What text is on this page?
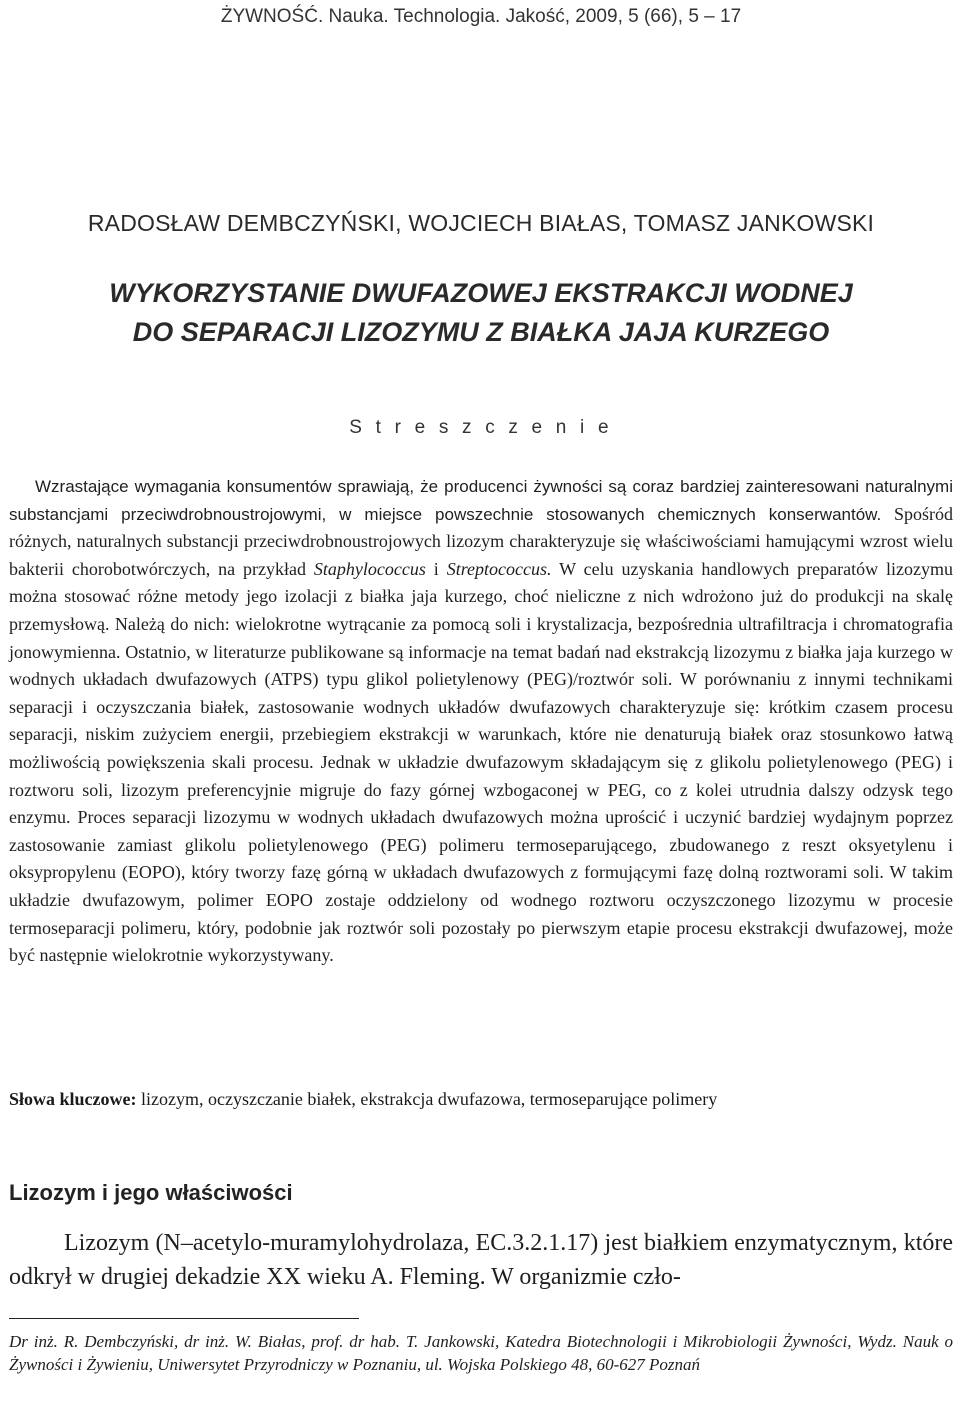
ŻYWNOŚĆ. Nauka. Technologia. Jakość, 2009, 5 (66), 5 – 17
RADOSŁAW DEMBCZYŃSKI, WOJCIECH BIAŁAS, TOMASZ JANKOWSKI
WYKORZYSTANIE DWUFAZOWEJ EKSTRAKCJI WODNEJ
DO SEPARACJI LIZOZYMU Z BIAŁKA JAJA KURZEGO
S t r e s z c z e n i e

Wzrastające wymagania konsumentów sprawiają, że producenci żywności są coraz bardziej zainteresowani naturalnymi substancjami przeciwdrobnoustrojowymi, w miejsce powszechnie stosowanych chemicznych konserwantów. Spośród różnych, naturalnych substancji przeciwdrobnoustrojowych lizozym charakteryzuje się właściwościami hamującymi wzrost wielu bakterii chorobotwórczych, na przykład Staphylococcus i Streptococcus. W celu uzyskania handlowych preparatów lizozymu można stosować różne metody jego izolacji z białka jaja kurzego, choć nieliczne z nich wdrożono już do produkcji na skalę przemysłową. Należą do nich: wielokrotne wytrącanie za pomocą soli i krystalizacja, bezpośrednia ultrafiltracja i chromatografia jonowymienna. Ostatnio, w literaturze publikowane są informacje na temat badań nad ekstrakcją lizozymu z białka jaja kurzego w wodnych układach dwufazowych (ATPS) typu glikol polietylenowy (PEG)/roztwór soli. W porównaniu z innymi technikami separacji i oczyszczania białek, zastosowanie wodnych układów dwufazowych charakteryzuje się: krótkim czasem procesu separacji, niskim zużyciem energii, przebiegiem ekstrakcji w warunkach, które nie denaturują białek oraz stosunkowo łatwą możliwością powiększenia skali procesu. Jednak w układzie dwufazowym składającym się z glikolu polietylenowego (PEG) i roztworu soli, lizozym preferencyjnie migruje do fazy górnej wzbogaconej w PEG, co z kolei utrudnia dalszy odzysk tego enzymu. Proces separacji lizozymu w wodnych układach dwufazowych można uprościć i uczynić bardziej wydajnym poprzez zastosowanie zamiast glikolu polietylenowego (PEG) polimeru termoseparującego, zbudowanego z reszt oksyetylenu i oksypropylenu (EOPO), który tworzy fazę górną w układach dwufazowych z formującymi fazę dolną roztworami soli. W takim układzie dwufazowym, polimer EOPO zostaje oddzielony od wodnego roztworu oczyszczonego lizozymu w procesie termoseparacji polimeru, który, podobnie jak roztwór soli pozostały po pierwszym etapie procesu ekstrakcji dwufazowej, może być następnie wielokrotnie wykorzystywany.

Słowa kluczowe: lizozym, oczyszczanie białek, ekstrakcja dwufazowa, termoseparujące polimery

Lizozym i jego właściwości

Lizozym (N–acetylo-muramylohydrolaza, EC.3.2.1.17) jest białkiem enzymatycznym, które odkrył w drugiej dekadzie XX wieku A. Fleming. W organizmie czło-

Dr inż. R. Dembczyński, dr inż. W. Białas, prof. dr hab. T. Jankowski, Katedra Biotechnologii i Mikrobiologii Żywności, Wydz. Nauk o Żywności i Żywieniu, Uniwersytet Przyrodniczy w Poznaniu, ul. Wojska Polskiego 48, 60-627 Poznań
